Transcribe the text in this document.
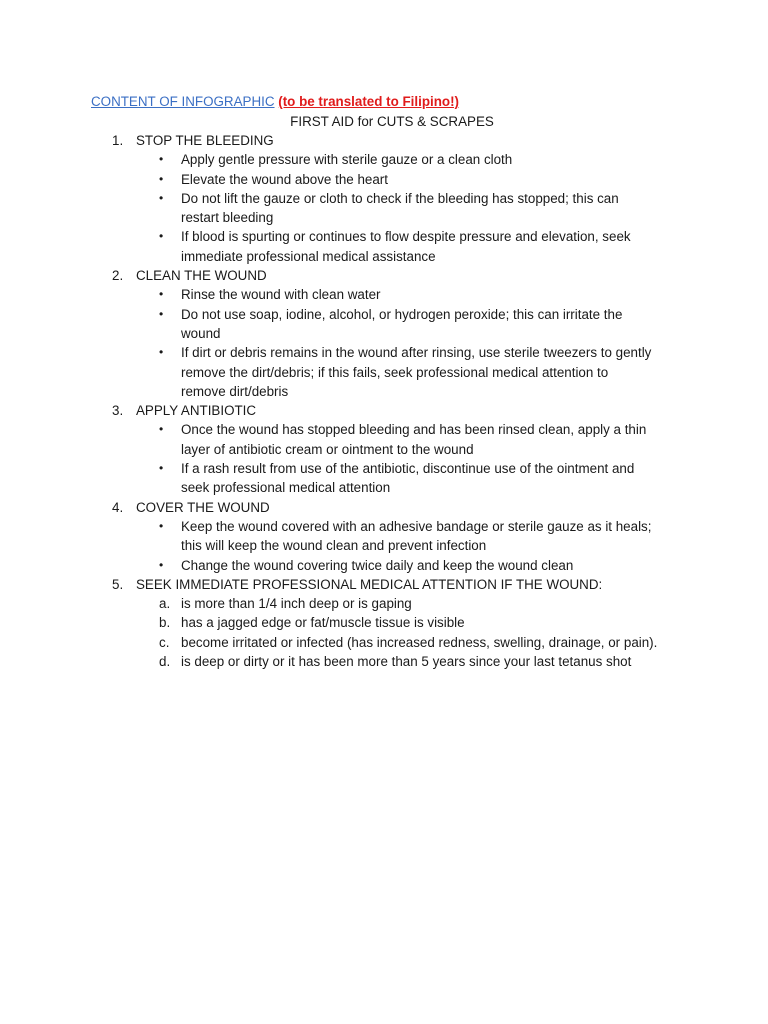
CONTENT OF INFOGRAPHIC (to be translated to Filipino!)
FIRST AID for CUTS & SCRAPES
1. STOP THE BLEEDING
• Apply gentle pressure with sterile gauze or a clean cloth
• Elevate the wound above the heart
• Do not lift the gauze or cloth to check if the bleeding has stopped; this can
restart bleeding
• If blood is spurting or continues to flow despite pressure and elevation, seek
immediate professional medical assistance
2. CLEAN THE WOUND
• Rinse the wound with clean water
• Do not use soap, iodine, alcohol, or hydrogen peroxide; this can irritate the
wound
• If dirt or debris remains in the wound after rinsing, use sterile tweezers to gently
remove the dirt/debris; if this fails, seek professional medical attention to
remove dirt/debris
3. APPLY ANTIBIOTIC
• Once the wound has stopped bleeding and has been rinsed clean, apply a thin
layer of antibiotic cream or ointment to the wound
• If a rash result from use of the antibiotic, discontinue use of the ointment and
seek professional medical attention
4. COVER THE WOUND
• Keep the wound covered with an adhesive bandage or sterile gauze as it heals;
this will keep the wound clean and prevent infection
• Change the wound covering twice daily and keep the wound clean
5. SEEK IMMEDIATE PROFESSIONAL MEDICAL ATTENTION IF THE WOUND:
a. is more than 1/4 inch deep or is gaping
b. has a jagged edge or fat/muscle tissue is visible
c. become irritated or infected (has increased redness, swelling, drainage, or pain).
d. is deep or dirty or it has been more than 5 years since your last tetanus shot
